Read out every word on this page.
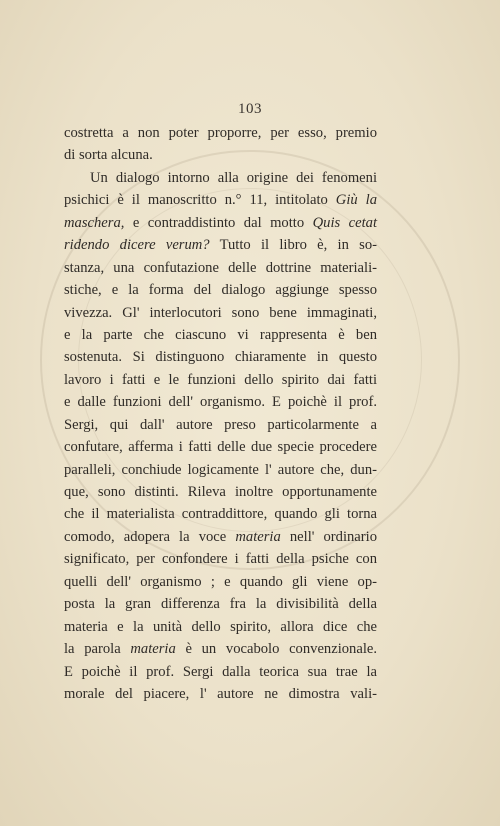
103
costretta a non poter proporre, per esso, premio
di sorta alcuna.
Un dialogo intorno alla origine dei fenomeni
psichici è il manoscritto n.° 11, intitolato Giù la
maschera, e contraddistinto dal motto Quis cetat
ridendo dicere verum? Tutto il libro è, in so-
stanza, una confutazione delle dottrine materiali-
stiche, e la forma del dialogo aggiunge spesso
vivezza. Gl' interlocutori sono bene immaginati,
e la parte che ciascuno vi rappresenta è ben
sostenuta. Si distinguono chiaramente in questo
lavoro i fatti e le funzioni dello spirito dai fatti
e dalle funzioni dell' organismo. E poichè il prof.
Sergi, qui dall' autore preso particolarmente a
confutare, afferma i fatti delle due specie procedere
paralleli, conchiude logicamente l' autore che, dun-
que, sono distinti. Rileva inoltre opportunamente
che il materialista contraddittore, quando gli torna
comodo, adopera la voce materia nell' ordinario
significato, per confondere i fatti della psiche con
quelli dell' organismo ; e quando gli viene op-
posta la gran differenza fra la divisibilità della
materia e la unità dello spirito, allora dice che
la parola materia è un vocabolo convenzionale.
E poichè il prof. Sergi dalla teorica sua trae la
morale del piacere, l' autore ne dimostra vali-
